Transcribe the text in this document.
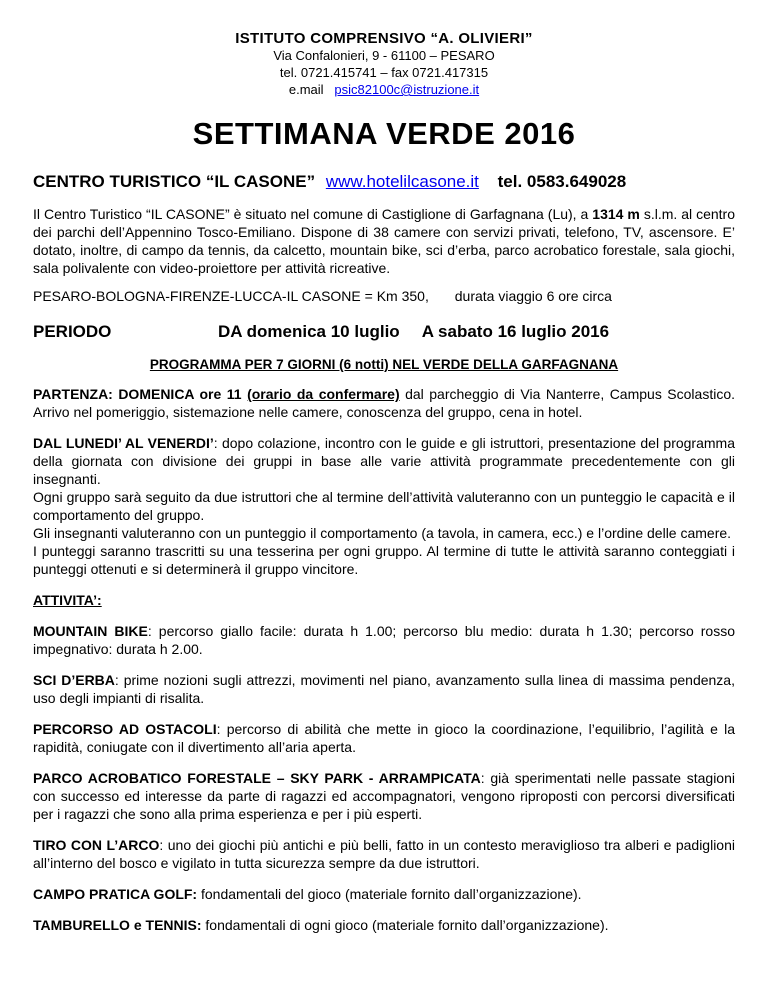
ISTITUTO COMPRENSIVO “A. OLIVIERI”
Via Confalonieri, 9 - 61100 – PESARO
tel. 0721.415741 – fax 0721.417315
e.mail psic82100c@istruzione.it
SETTIMANA VERDE 2016
CENTRO TURISTICO “IL CASONE” www.hotelilcasone.it tel. 0583.649028

Il Centro Turistico “IL CASONE” è situato nel comune di Castiglione di Garfagnana (Lu), a 1314 m s.l.m. al centro dei parchi dell’Appennino Tosco-Emiliano. Dispone di 38 camere con servizi privati, telefono, TV, ascensore. E’ dotato, inoltre, di campo da tennis, da calcetto, mountain bike, sci d’erba, parco acrobatico forestale, sala giochi, sala polivalente con video-proiettore per attività ricreative.

PESARO-BOLOGNA-FIRENZE-LUCCA-IL CASONE = Km 350, durata viaggio 6 ore circa
PERIODO	DA domenica 10 luglio A sabato 16 luglio 2016
PROGRAMMA PER 7 GIORNI (6 notti) NEL VERDE DELLA GARFAGNANA

PARTENZA: DOMENICA ore 11 (orario da confermare) dal parcheggio di Via Nanterre, Campus Scolastico. Arrivo nel pomeriggio, sistemazione nelle camere, conoscenza del gruppo, cena in hotel.

DAL LUNEDI’ AL VENERDI’: dopo colazione, incontro con le guide e gli istruttori, presentazione del programma della giornata con divisione dei gruppi in base alle varie attività programmate precedentemente con gli insegnanti.

Ogni gruppo sarà seguito da due istruttori che al termine dell’attività valuteranno con un punteggio le capacità e il comportamento del gruppo.

Gli insegnanti valuteranno con un punteggio il comportamento (a tavola, in camera, ecc.) e l’ordine delle camere.

I punteggi saranno trascritti su una tesserina per ogni gruppo. Al termine di tutte le attività saranno conteggiati i punteggi ottenuti e si determinerà il gruppo vincitore.

ATTIVITA’:

MOUNTAIN BIKE: percorso giallo facile: durata h 1.00; percorso blu medio: durata h 1.30; percorso rosso impegnativo: durata h 2.00.

SCI D’ERBA: prime nozioni sugli attrezzi, movimenti nel piano, avanzamento sulla linea di massima pendenza, uso degli impianti di risalita.

PERCORSO AD OSTACOLI: percorso di abilità che mette in gioco la coordinazione, l’equilibrio, l’agilità e la rapidità, coniugate con il divertimento all’aria aperta.

PARCO ACROBATICO FORESTALE – SKY PARK - ARRAMPICATA: già sperimentati nelle passate stagioni con successo ed interesse da parte di ragazzi ed accompagnatori, vengono riproposti con percorsi diversificati per i ragazzi che sono alla prima esperienza e per i più esperti.

TIRO CON L’ARCO: uno dei giochi più antichi e più belli, fatto in un contesto meraviglioso tra alberi e padiglioni all’interno del bosco e vigilato in tutta sicurezza sempre da due istruttori.

CAMPO PRATICA GOLF: fondamentali del gioco (materiale fornito dall’organizzazione).

TAMBURELLO e TENNIS: fondamentali di ogni gioco (materiale fornito dall’organizzazione).
